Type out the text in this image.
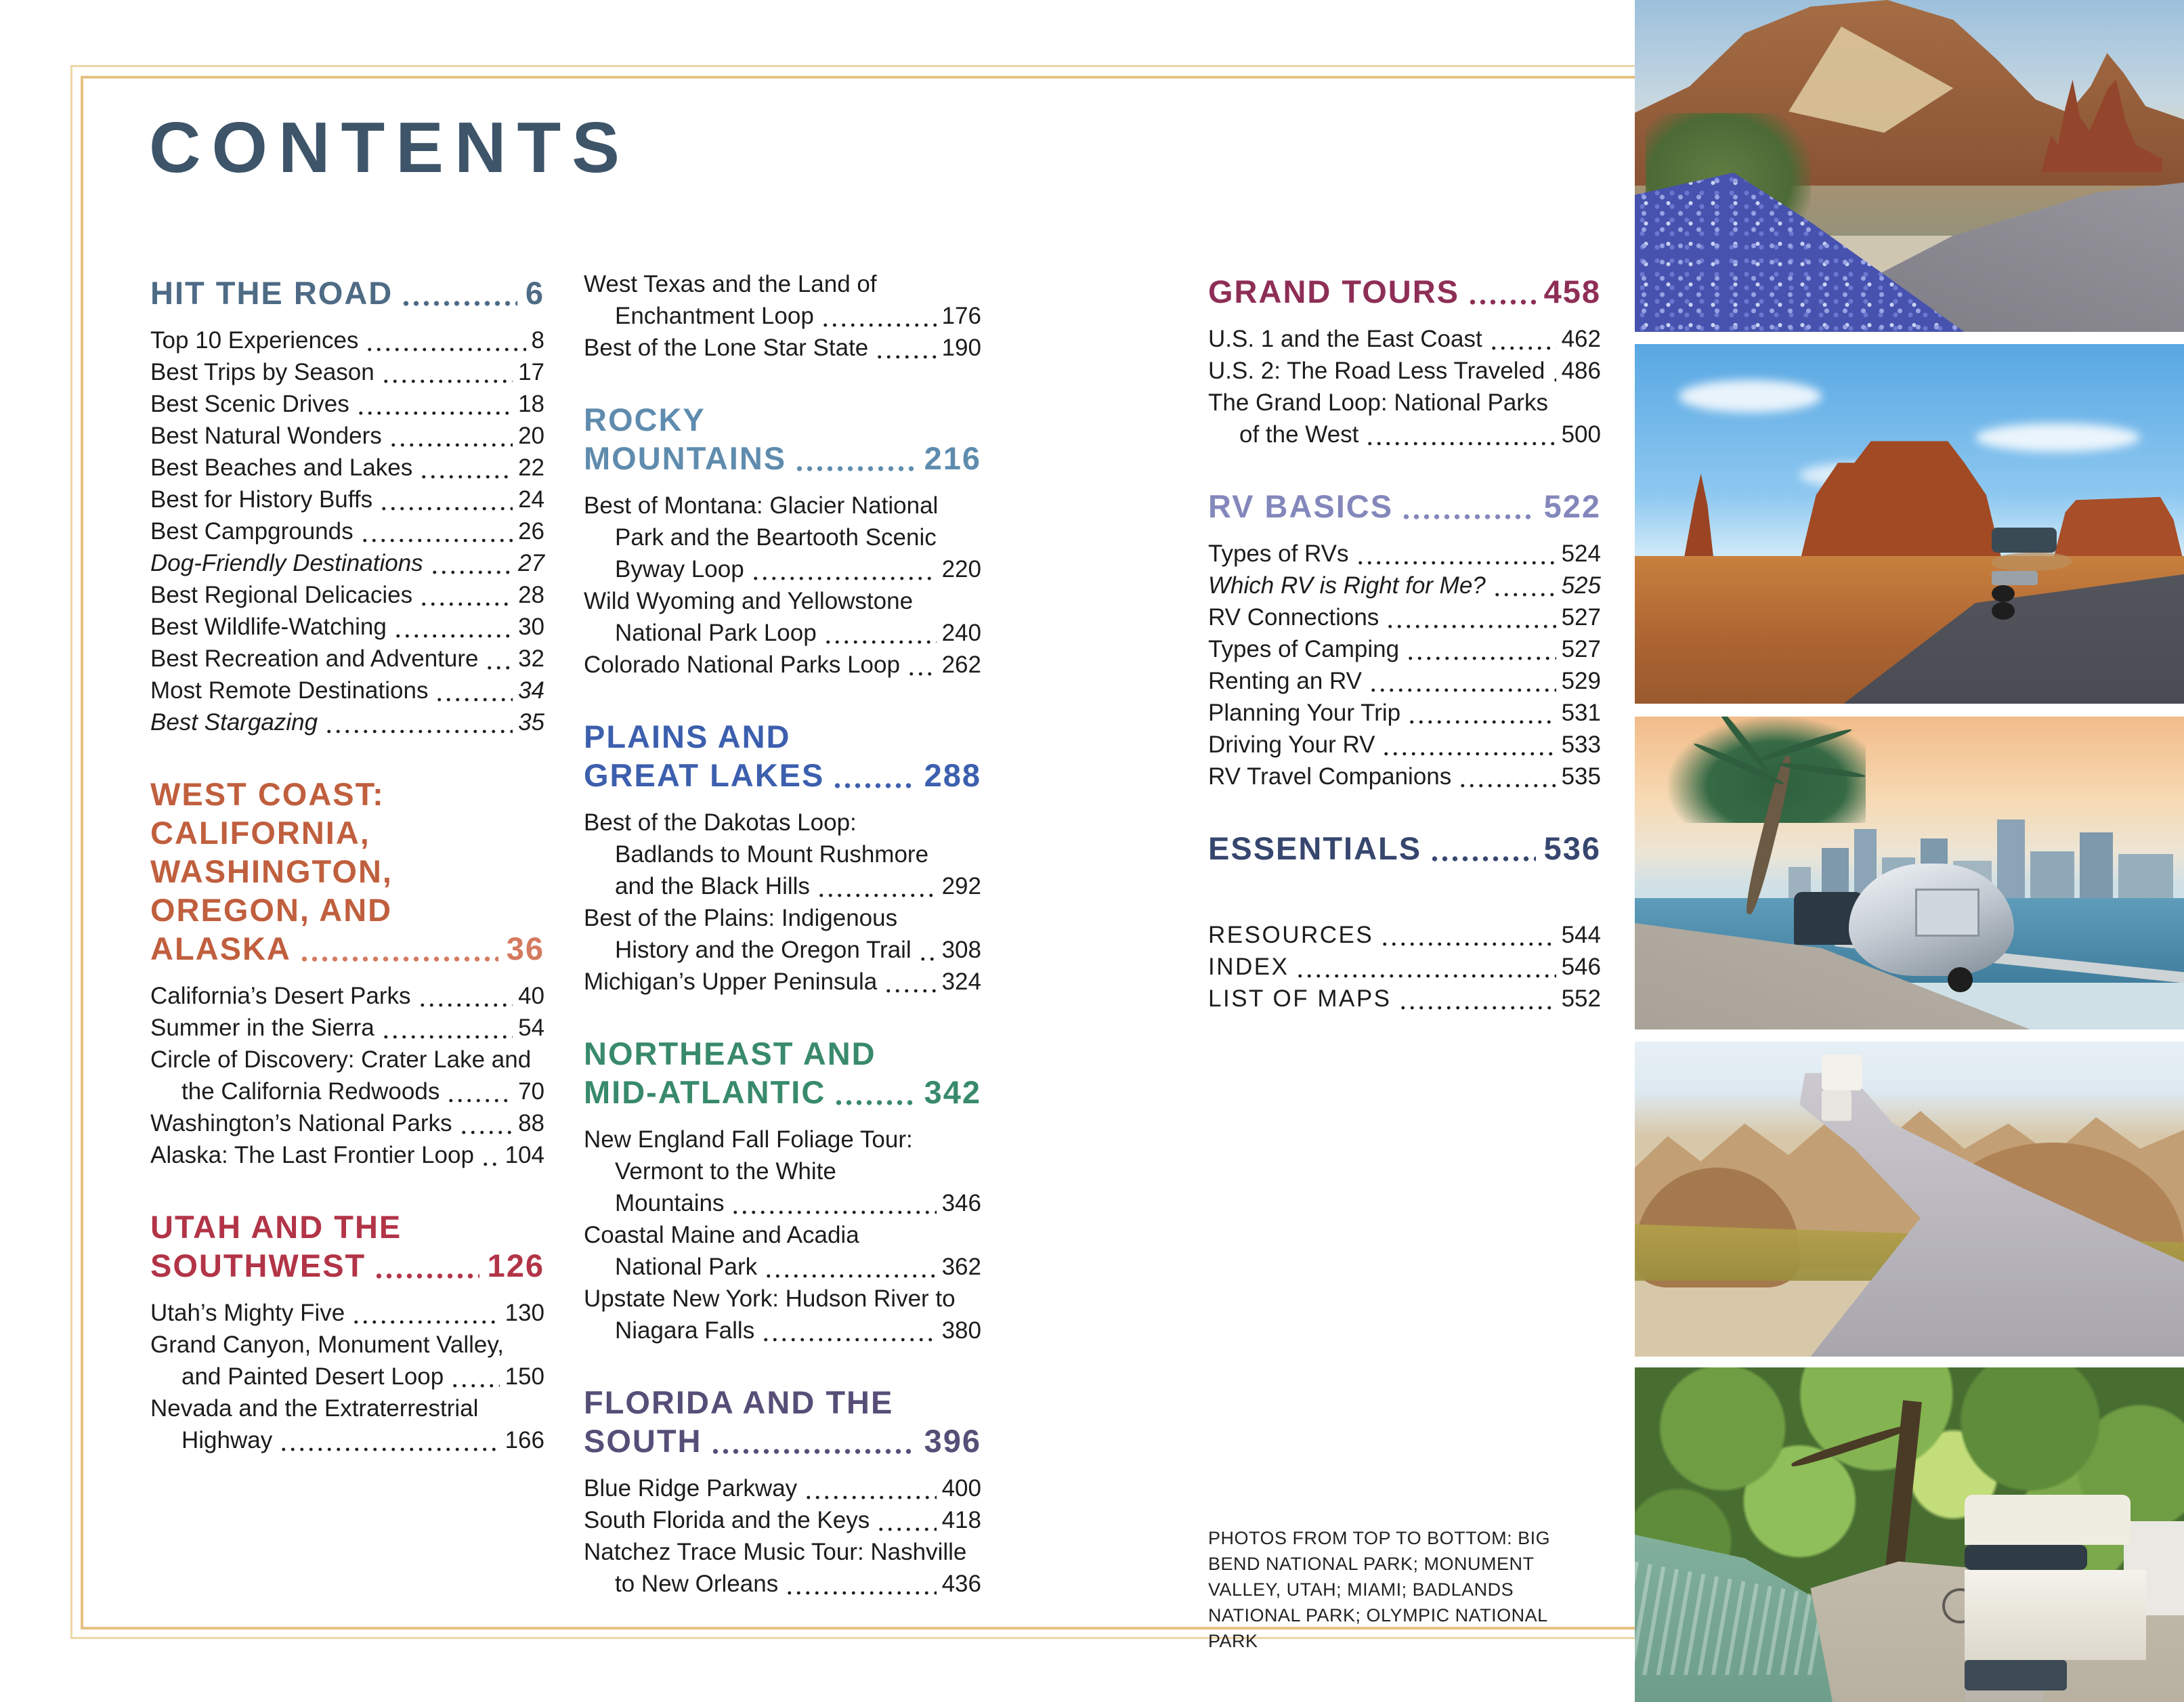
CONTENTS
HIT THE ROAD	6
Top 10 Experiences	8
Best Trips by Season	17
Best Scenic Drives	18
Best Natural Wonders	20
Best Beaches and Lakes	22
Best for History Buffs	24
Best Campgrounds	26
Dog-Friendly Destinations	27
Best Regional Delicacies	28
Best Wildlife-Watching	30
Best Recreation and Adventure 32
Most Remote Destinations	34
Best Stargazing	35
WEST COAST:
CALIFORNIA,
WASHINGTON,
OREGON, AND
ALASKA	36
California’s Desert Parks	40
Summer in the Sierra	54
Circle of Discovery: Crater Lake and
the California Redwoods	70
Washington’s National Parks	88
Alaska: The Last Frontier Loop 104
UTAH AND THE
SOUTHWEST	126
Utah’s Mighty Five	130
Grand Canyon, Monument Valley,
and Painted Desert Loop	150
Nevada and the Extraterrestrial
Highway	166
West Texas and the Land of
Enchantment Loop	176
Best of the Lone Star State	190
ROCKY
MOUNTAINS	216
Best of Montana: Glacier National
Park and the Beartooth Scenic
Byway Loop	220
Wild Wyoming and Yellowstone
National Park Loop	240
Colorado National Parks Loop 262
PLAINS AND
GREAT LAKES	288
Best of the Dakotas Loop:
Badlands to Mount Rushmore
and the Black Hills	292
Best of the Plains: Indigenous
History and the Oregon Trail 308
Michigan’s Upper Peninsula	324
NORTHEAST AND
MID-ATLANTIC	342
New England Fall Foliage Tour:
Vermont to the White
Mountains	346
Coastal Maine and Acadia
National Park	362
Upstate New York: Hudson River to
Niagara Falls	380
FLORIDA AND THE
SOUTH	396
Blue Ridge Parkway	400
South Florida and the Keys	418
Natchez Trace Music Tour: Nashville
to New Orleans	436
GRAND TOURS	458
U.S. 1 and the East Coast	462
U.S. 2: The Road Less Traveled 486
The Grand Loop: National Parks
of the West	500
RV BASICS	522
Types of RVs	524
Which RV is Right for Me?	525
RV Connections	527
Types of Camping	527
Renting an RV	529
Planning Your Trip	531
Driving Your RV	533
RV Travel Companions	535
ESSENTIALS	536
RESOURCES	544
INDEX	546
LIST OF MAPS	552
PHOTOS FROM TOP TO BOTTOM: BIG BEND NATIONAL PARK; MONUMENT VALLEY, UTAH; MIAMI; BADLANDS NATIONAL PARK; OLYMPIC NATIONAL PARK
